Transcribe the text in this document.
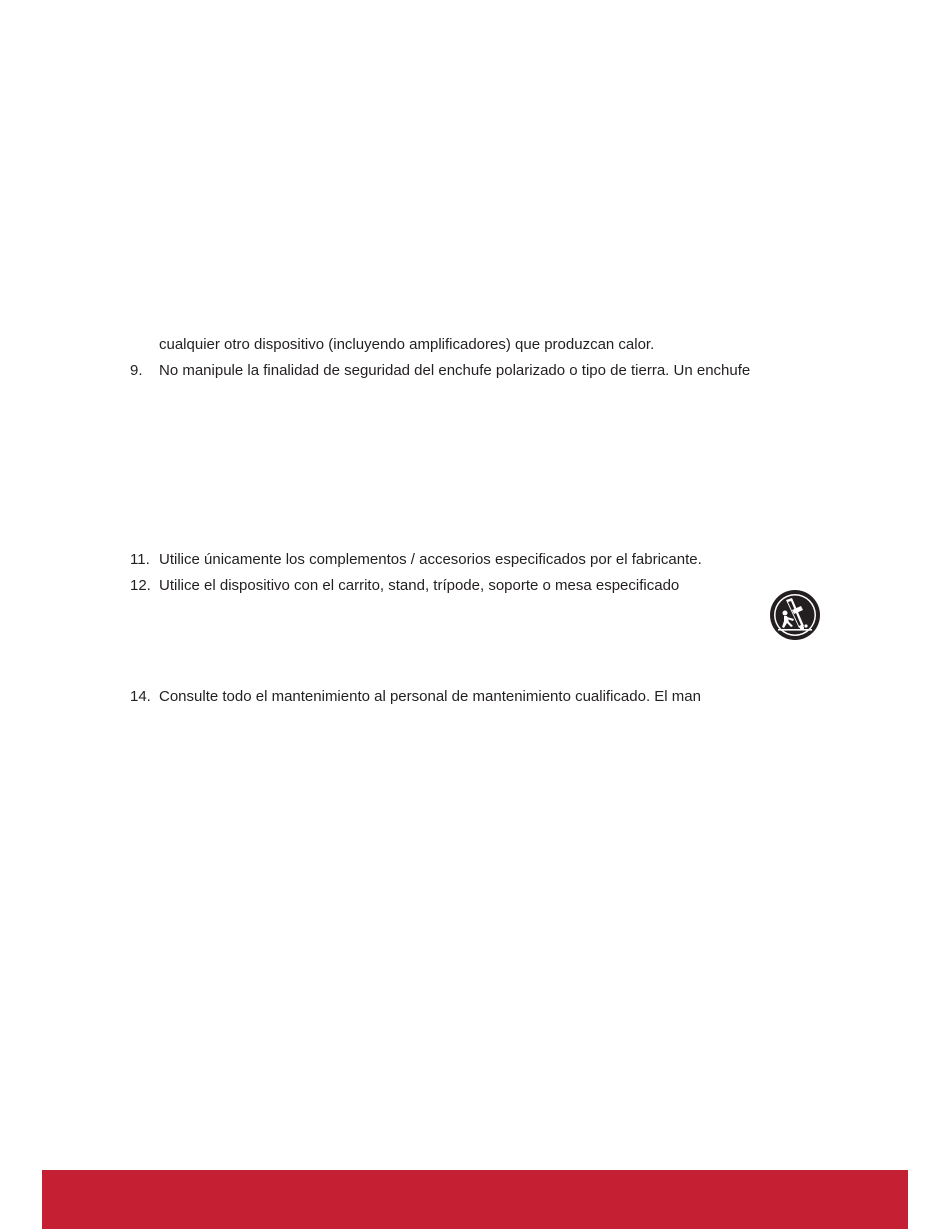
cualquier otro dispositivo (incluyendo amplificadores) que produzcan calor.
9. No manipule la finalidad de seguridad del enchufe polarizado o tipo de tierra. Un enchufe
11. Utilice únicamente los complementos / accesorios especificados por el fabricante.
12. Utilice el dispositivo con el carrito, stand, trípode, soporte o mesa especificado
14. Consulte todo el mantenimiento al personal de mantenimiento cualificado. El man
